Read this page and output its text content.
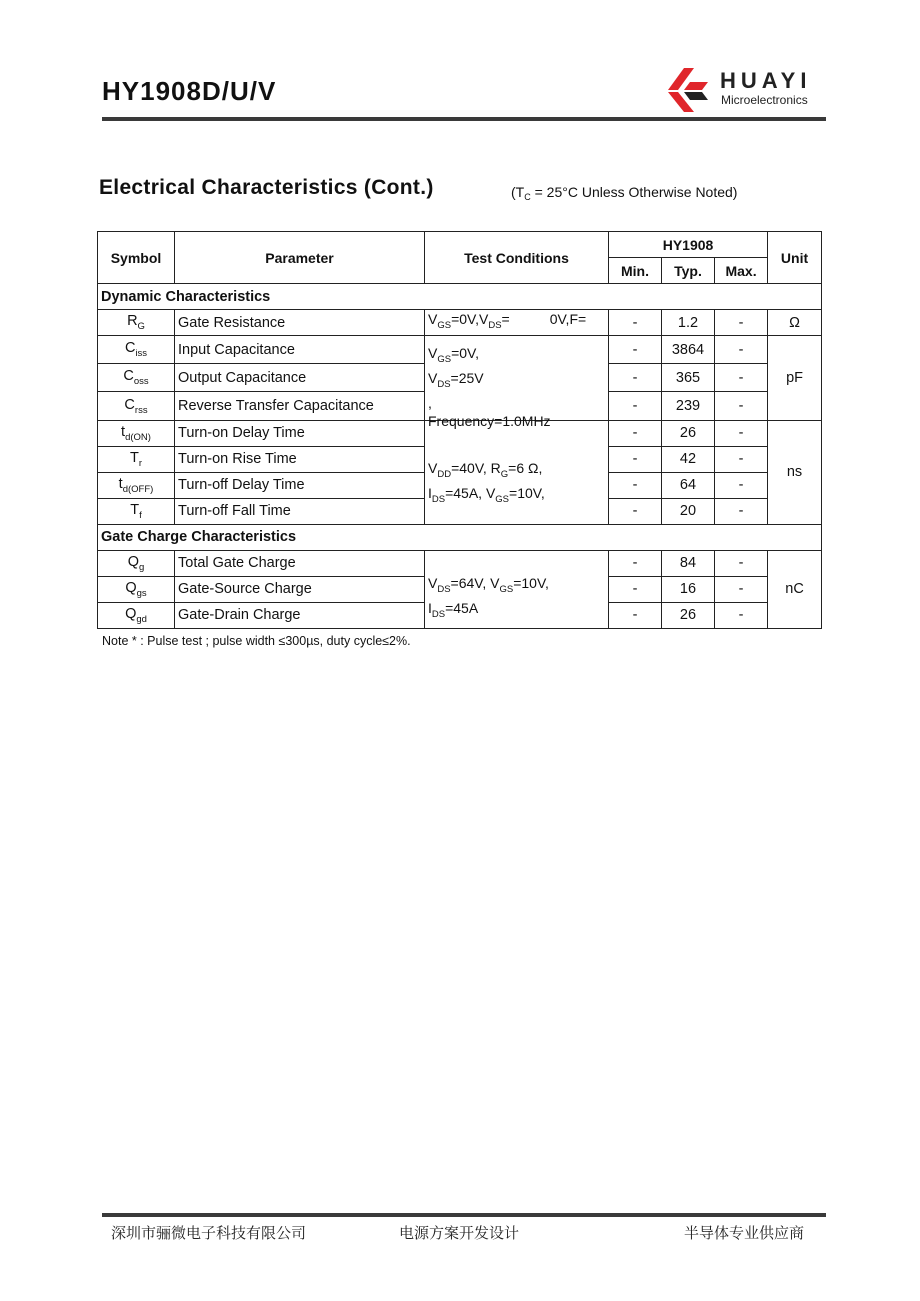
HY1908D/U/V	HUAYI
Microelectronics
Electrical Characteristics (Cont.)	($T_C = 25^\circ C$ Unless Otherwise Noted)
Symbol	Parameter	Test Conditions	HY1908			Unit
			Min.	Typ.	Max.	
Dynamic Characteristics						
$R_G$	Gate Resistance	$V_{GS}=0V,V_{DS}= 0V,F=$	-	1.2	-	Ω
$C_{iss}$	Input Capacitance	$V_{GS}=0V$,
$V_{DS}=25V$
,
Frequency=1.0MHz	-	3864	-	pF
$C_{oss}$	Output Capacitance		-	365	-	
$C_{rss}$	Reverse Transfer Capacitance		-	239	-	
$t_{d(ON)}$	Turn-on Delay Time	$V_{DD}=40V$, $R_G=6$ Ω,
$I_{DS}=45A$, $V_{GS}=10V$,	-	26	-	ns
$T_r$	Turn-on Rise Time		-	42	-	
$t_{d(OFF)}$	Turn-off Delay Time		-	64	-	
$T_f$	Turn-off Fall Time		-	20	-	
Gate Charge Characteristics						
$Q_g$	Total Gate Charge	$V_{DS}=64V$, $V_{GS}=10V$,
$I_{DS}=45A$	-	84	-	nC
$Q_{gs}$	Gate-Source Charge		-	16	-	
$Q_{gd}$	Gate-Drain Charge		-	26	-	
Note * : Pulse test ; pulse width ≤300µs, duty cycle≤2%.
深圳市骊微电子科技有限公司	电源方案开发设计	半导体专业供应商
